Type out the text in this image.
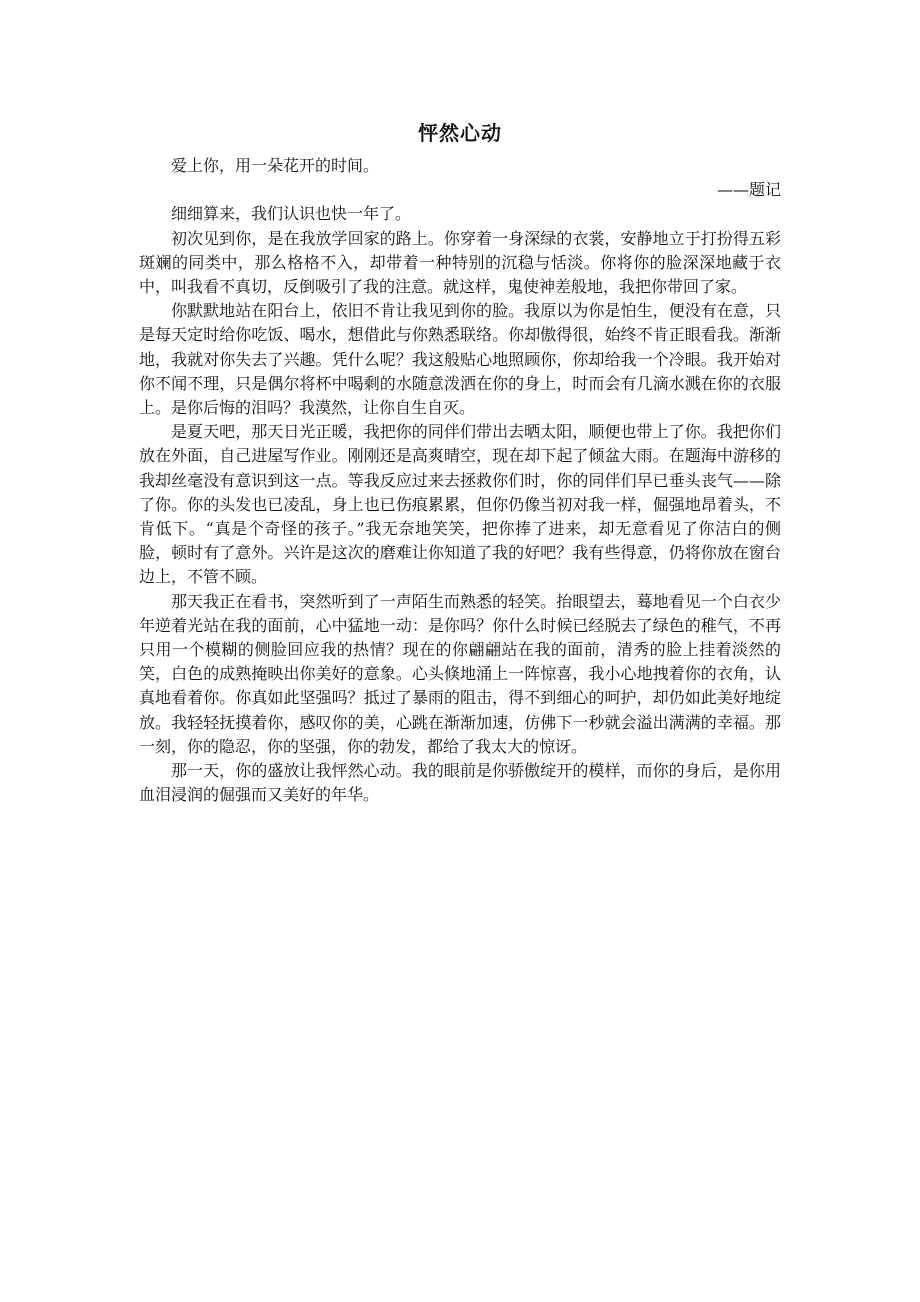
怦然心动

爱上你，用一朵花开的时间。

——题记

细细算来，我们认识也快一年了。

初次见到你，是在我放学回家的路上。你穿着一身深绿的衣裳，安静地立于打扮得五彩斑斓的同类中，那么格格不入，却带着一种特别的沉稳与恬淡。你将你的脸深深地藏于衣中，叫我看不真切，反倒吸引了我的注意。就这样，鬼使神差般地，我把你带回了家。

你默默地站在阳台上，依旧不肯让我见到你的脸。我原以为你是怕生，便没有在意，只是每天定时给你吃饭、喝水，想借此与你熟悉联络。你却傲得很，始终不肯正眼看我。渐渐地，我就对你失去了兴趣。凭什么呢？我这般贴心地照顾你，你却给我一个冷眼。我开始对你不闻不理，只是偶尔将杯中喝剩的水随意泼洒在你的身上，时而会有几滴水溅在你的衣服上。是你后悔的泪吗？我漠然，让你自生自灭。

是夏天吧，那天日光正暖，我把你的同伴们带出去晒太阳，顺便也带上了你。我把你们放在外面，自己进屋写作业。刚刚还是高爽晴空，现在却下起了倾盆大雨。在题海中游移的我却丝毫没有意识到这一点。等我反应过来去拯救你们时，你的同伴们早已垂头丧气——除了你。你的头发也已凌乱，身上也已伤痕累累，但你仍像当初对我一样，倔强地昂着头，不肯低下。“真是个奇怪的孩子。”我无奈地笑笑，把你捧了进来，却无意看见了你洁白的侧脸，顿时有了意外。兴许是这次的磨难让你知道了我的好吧？我有些得意，仍将你放在窗台边上，不管不顾。

那天我正在看书，突然听到了一声陌生而熟悉的轻笑。抬眼望去，蓦地看见一个白衣少年逆着光站在我的面前，心中猛地一动：是你吗？你什么时候已经脱去了绿色的稚气，不再只用一个模糊的侧脸回应我的热情？现在的你翩翩站在我的面前，清秀的脸上挂着淡然的笑，白色的成熟掩映出你美好的意象。心头倏地涌上一阵惊喜，我小心地拽着你的衣角，认真地看着你。你真如此坚强吗？抵过了暴雨的阻击，得不到细心的呵护，却仍如此美好地绽放。我轻轻抚摸着你，感叹你的美，心跳在渐渐加速，仿佛下一秒就会溢出满满的幸福。那一刻，你的隐忍，你的坚强，你的勃发，都给了我太大的惊讶。

那一天，你的盛放让我怦然心动。我的眼前是你骄傲绽开的模样，而你的身后，是你用血泪浸润的倔强而又美好的年华。
